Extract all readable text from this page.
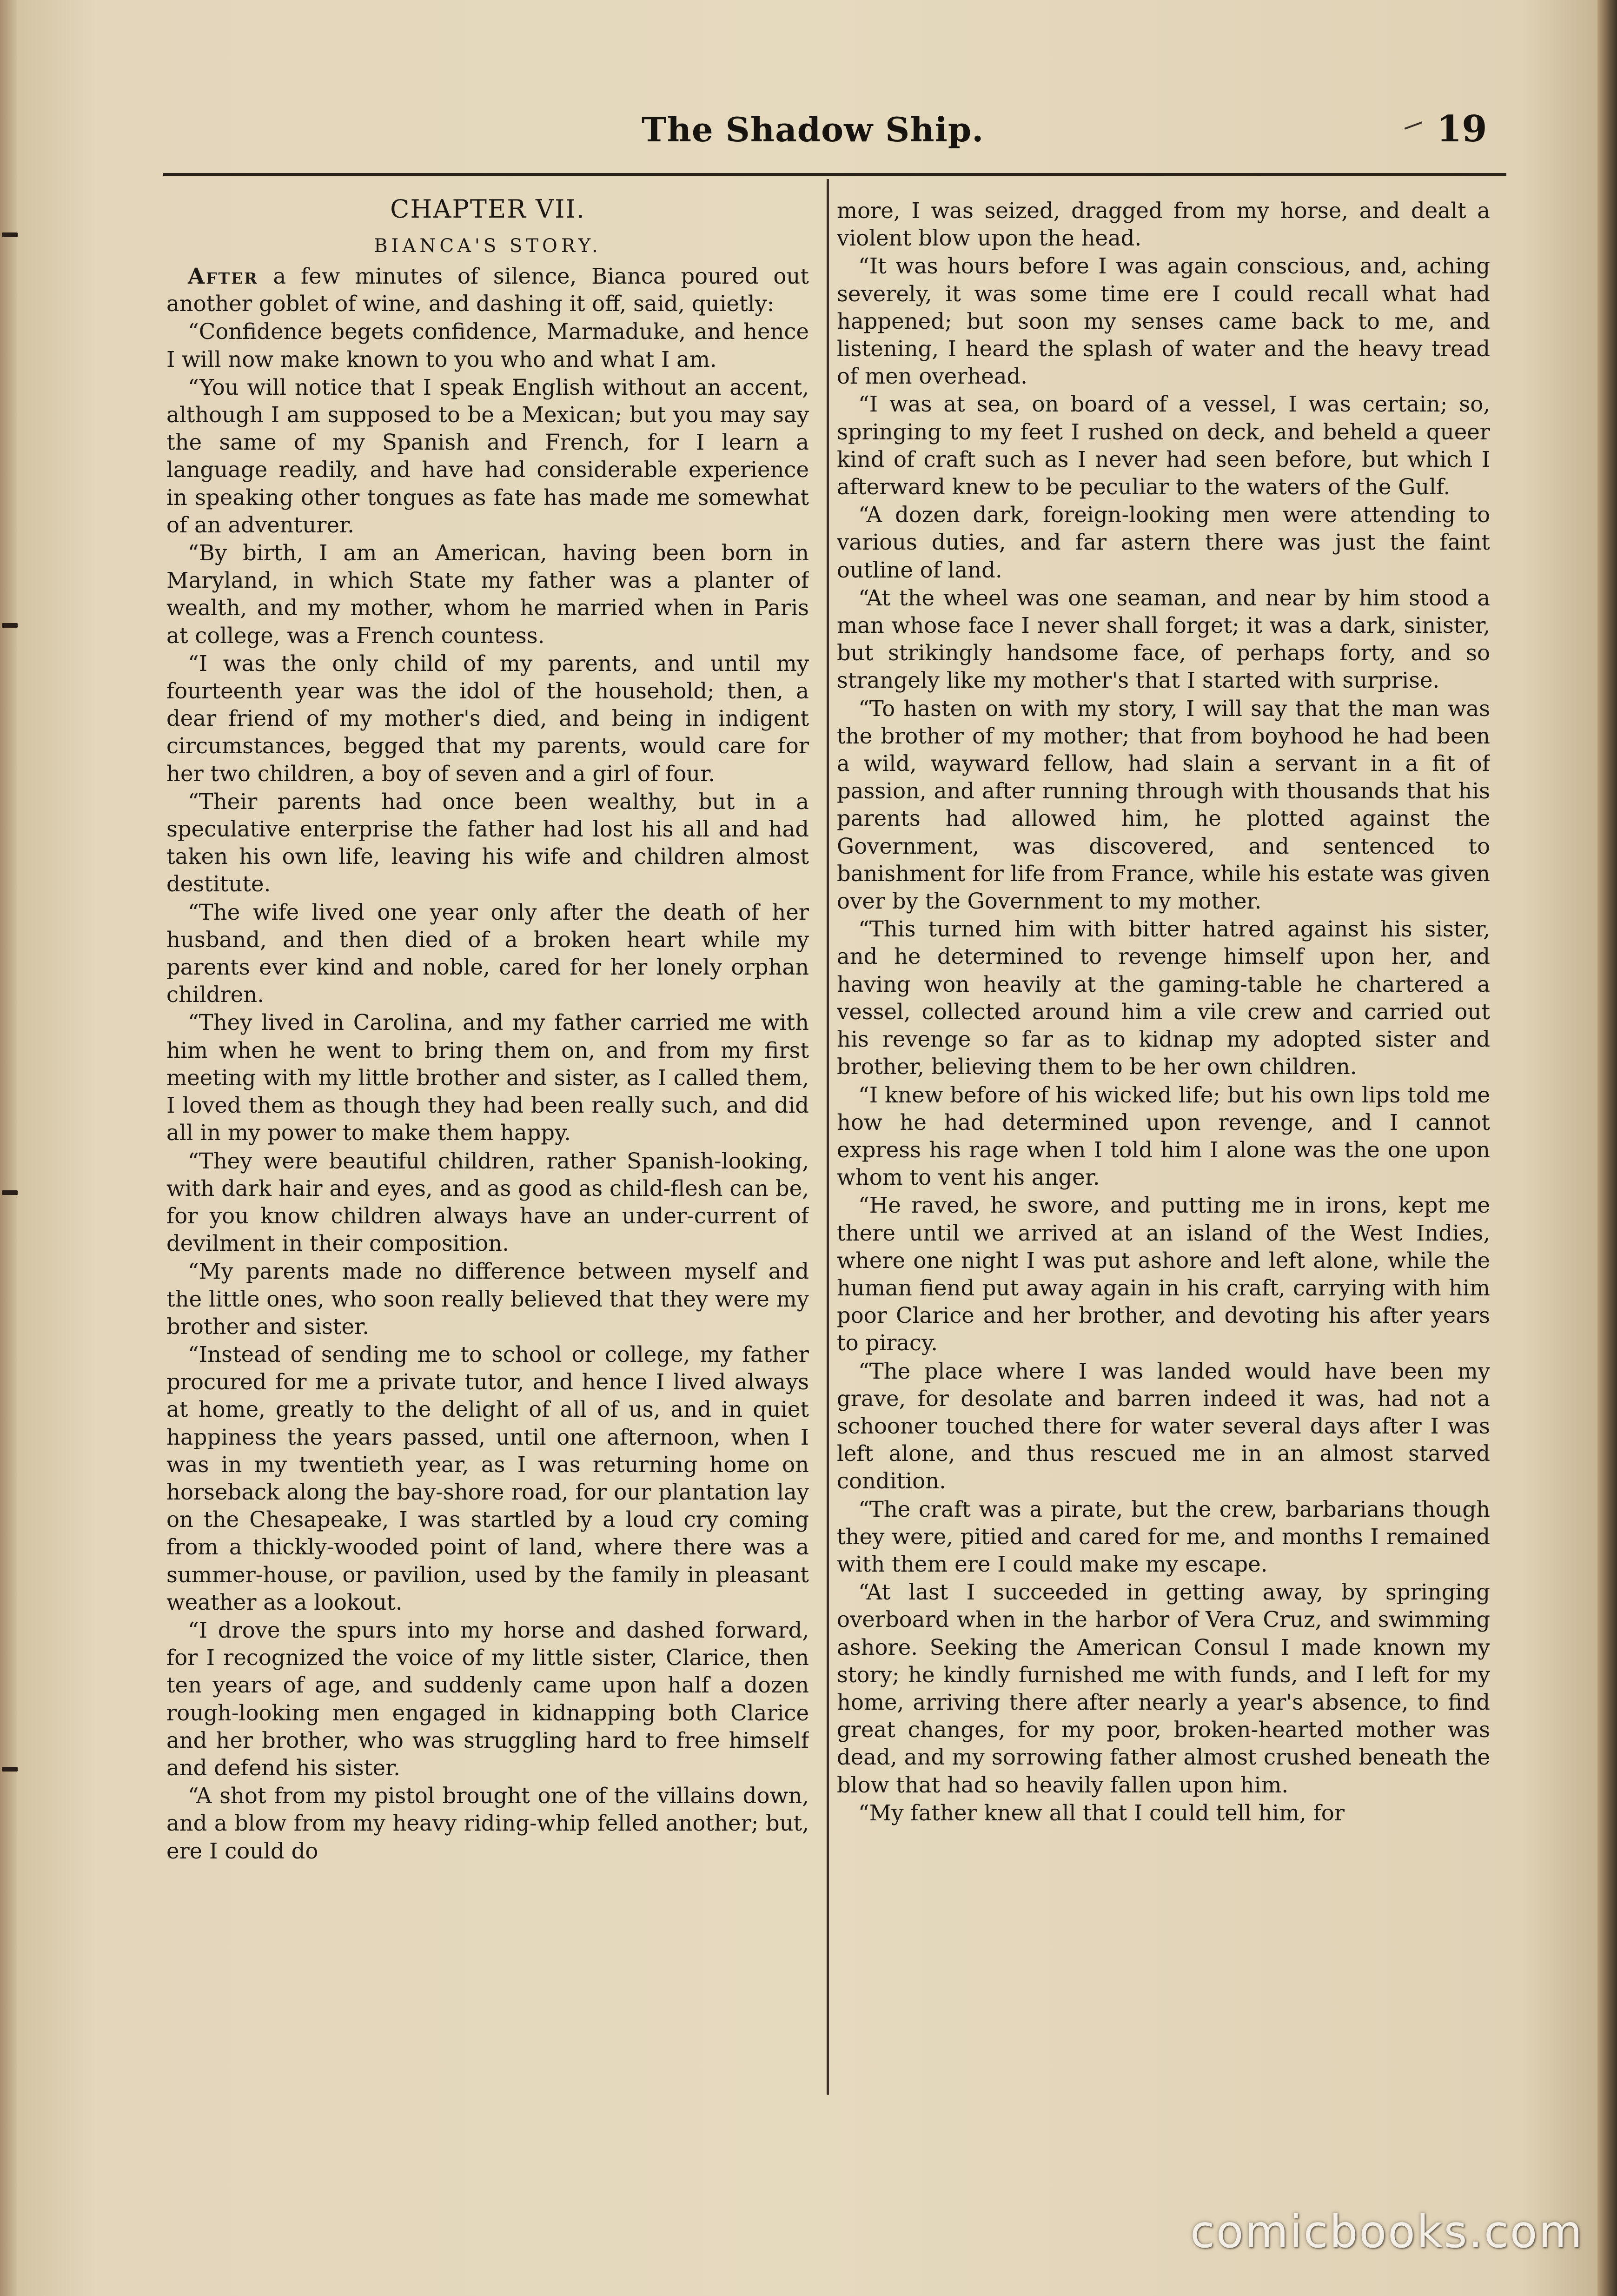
The Shadow Ship.	19
CHAPTER VII.
BIANCA'S STORY.

After a few minutes of silence, Bianca poured out another goblet of wine, and dashing it off, said, quietly:

“Confidence begets confidence, Marmaduke, and hence I will now make known to you who and what I am.

“You will notice that I speak English without an accent, although I am supposed to be a Mexican; but you may say the same of my Spanish and French, for I learn a language readily, and have had considerable experience in speaking other tongues as fate has made me somewhat of an adventurer.

“By birth, I am an American, having been born in Maryland, in which State my father was a planter of wealth, and my mother, whom he married when in Paris at college, was a French countess.

“I was the only child of my parents, and until my fourteenth year was the idol of the household; then, a dear friend of my mother's died, and being in indigent circumstances, begged that my parents, would care for her two children, a boy of seven and a girl of four.

“Their parents had once been wealthy, but in a speculative enterprise the father had lost his all and had taken his own life, leaving his wife and children almost destitute.

“The wife lived one year only after the death of her husband, and then died of a broken heart while my parents ever kind and noble, cared for her lonely orphan children.

“They lived in Carolina, and my father carried me with him when he went to bring them on, and from my first meeting with my little brother and sister, as I called them, I loved them as though they had been really such, and did all in my power to make them happy.

“They were beautiful children, rather Spanish-looking, with dark hair and eyes, and as good as child-flesh can be, for you know children always have an under-current of devilment in their composition.

“My parents made no difference between myself and the little ones, who soon really believed that they were my brother and sister.

“Instead of sending me to school or college, my father procured for me a private tutor, and hence I lived always at home, greatly to the delight of all of us, and in quiet happiness the years passed, until one afternoon, when I was in my twentieth year, as I was returning home on horseback along the bay-shore road, for our plantation lay on the Chesapeake, I was startled by a loud cry coming from a thickly-wooded point of land, where there was a summer-house, or pavilion, used by the family in pleasant weather as a lookout.

“I drove the spurs into my horse and dashed forward, for I recognized the voice of my little sister, Clarice, then ten years of age, and suddenly came upon half a dozen rough-looking men engaged in kidnapping both Clarice and her brother, who was struggling hard to free himself and defend his sister.

“A shot from my pistol brought one of the villains down, and a blow from my heavy riding-whip felled another; but, ere I could do

more, I was seized, dragged from my horse, and dealt a violent blow upon the head.

“It was hours before I was again conscious, and, aching severely, it was some time ere I could recall what had happened; but soon my senses came back to me, and listening, I heard the splash of water and the heavy tread of men overhead.

“I was at sea, on board of a vessel, I was certain; so, springing to my feet I rushed on deck, and beheld a queer kind of craft such as I never had seen before, but which I afterward knew to be peculiar to the waters of the Gulf.

“A dozen dark, foreign-looking men were attending to various duties, and far astern there was just the faint outline of land.

“At the wheel was one seaman, and near by him stood a man whose face I never shall forget; it was a dark, sinister, but strikingly handsome face, of perhaps forty, and so strangely like my mother's that I started with surprise.

“To hasten on with my story, I will say that the man was the brother of my mother; that from boyhood he had been a wild, wayward fellow, had slain a servant in a fit of passion, and after running through with thousands that his parents had allowed him, he plotted against the Government, was discovered, and sentenced to banishment for life from France, while his estate was given over by the Government to my mother.

“This turned him with bitter hatred against his sister, and he determined to revenge himself upon her, and having won heavily at the gaming-table he chartered a vessel, collected around him a vile crew and carried out his revenge so far as to kidnap my adopted sister and brother, believing them to be her own children.

“I knew before of his wicked life; but his own lips told me how he had determined upon revenge, and I cannot express his rage when I told him I alone was the one upon whom to vent his anger.

“He raved, he swore, and putting me in irons, kept me there until we arrived at an island of the West Indies, where one night I was put ashore and left alone, while the human fiend put away again in his craft, carrying with him poor Clarice and her brother, and devoting his after years to piracy.

“The place where I was landed would have been my grave, for desolate and barren indeed it was, had not a schooner touched there for water several days after I was left alone, and thus rescued me in an almost starved condition.

“The craft was a pirate, but the crew, barbarians though they were, pitied and cared for me, and months I remained with them ere I could make my escape.

“At last I succeeded in getting away, by springing overboard when in the harbor of Vera Cruz, and swimming ashore. Seeking the American Consul I made known my story; he kindly furnished me with funds, and I left for my home, arriving there after nearly a year's absence, to find great changes, for my poor, broken-hearted mother was dead, and my sorrowing father almost crushed beneath the blow that had so heavily fallen upon him.

“My father knew all that I could tell him, for

comicbooks.com
